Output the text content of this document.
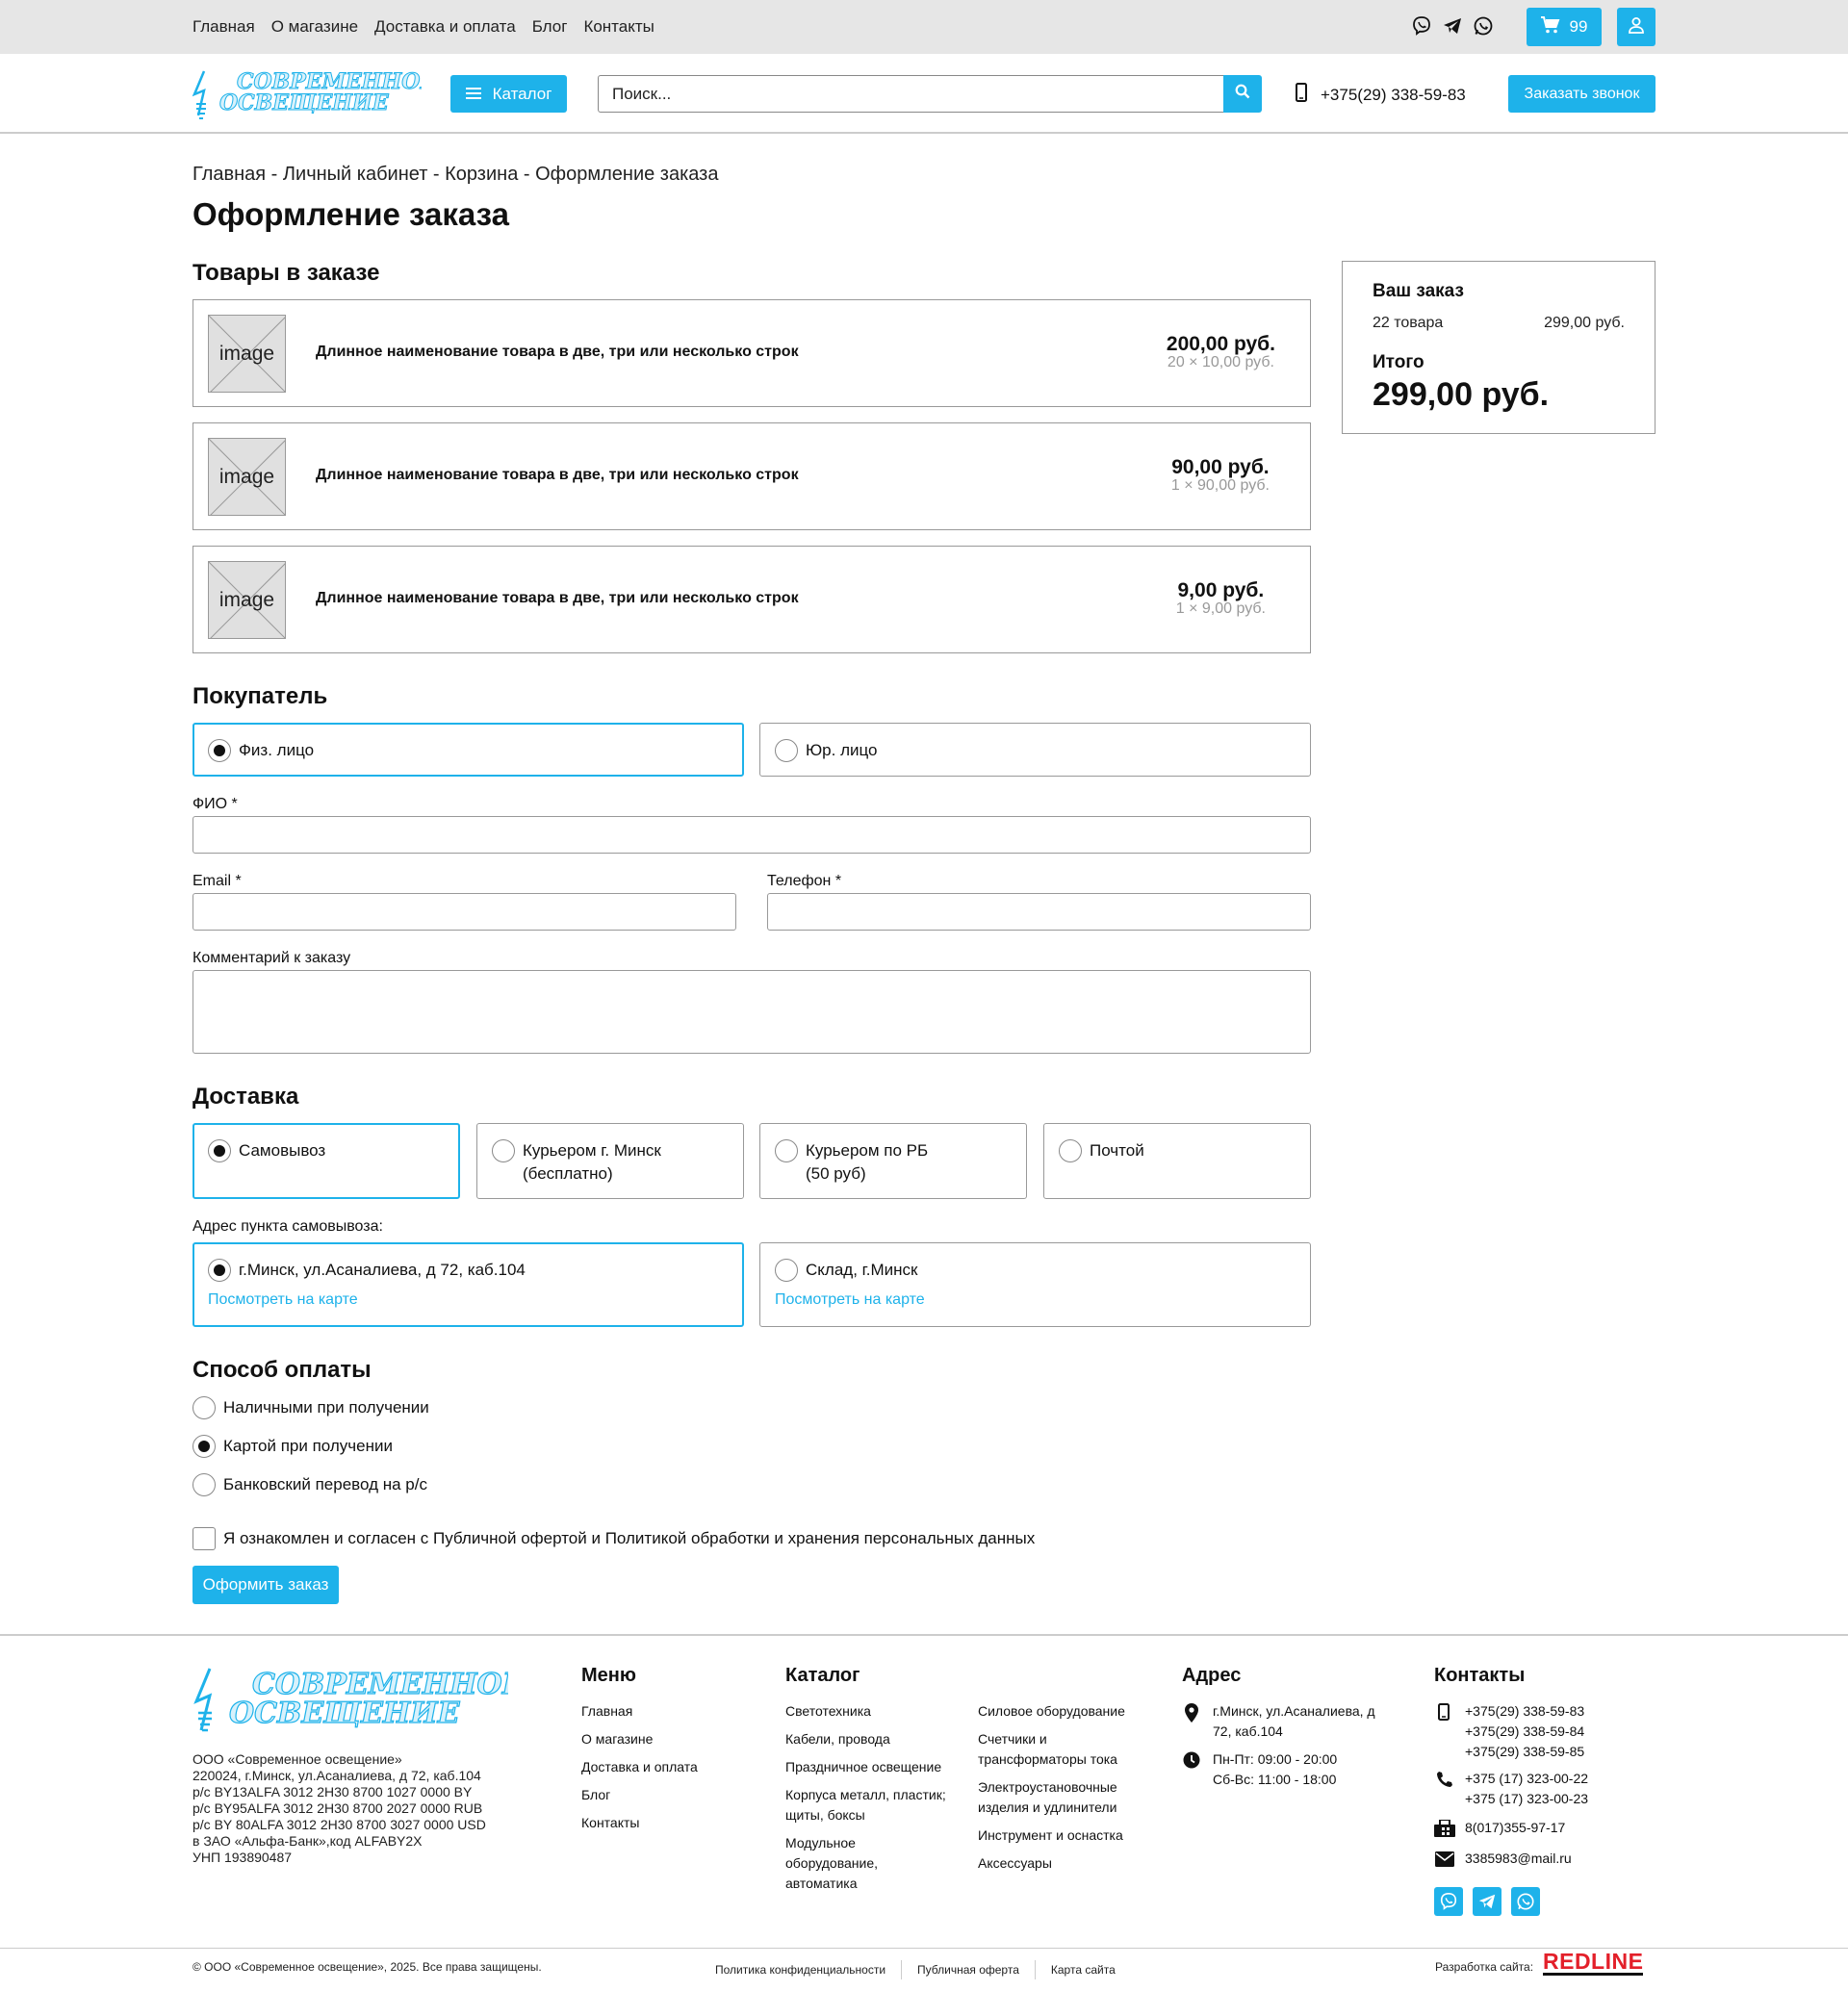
Главная О магазине Доставка и оплата Блог Контакты	99
СОВРЕМЕННОЕ
ОСВЕЩЕНИЕ	Каталог
Поиск...	+375(29) 338-59-83	Заказать звонок
Главная - Личный кабинет - Корзина - Оформление заказа
Оформление заказа
Товары в заказе
image	Длинное наименование товара в две, три или несколько строк	200,00 руб.
20 × 10,00 руб.
image	Длинное наименование товара в две, три или несколько строк	90,00 руб.
1 × 90,00 руб.
image	Длинное наименование товара в две, три или несколько строк	9,00 руб.
1 × 9,00 руб.
Ваш заказ
22 товара	299,00 руб.
Итого
299,00 руб.
Покупатель
Физ. лицо	Юр. лицо
ФИО *
Email *	Телефон *
Комментарий к заказу
Доставка
Самовывоз	Курьером г. Минск
(бесплатно)
Курьером по РБ
(50 руб)
Почтой
Адрес пункта самовывоза:
г.Минск, ул.Асаналиева, д 72, каб.104
Посмотреть на карте
Склад, г.Минск
Посмотреть на карте
Способ оплаты
Наличными при получении
Картой при получении
Банковский перевод на р/с
Я ознакомлен и согласен с Публичной офертой и Политикой обработки и хранения персональных данных
Оформить заказ
СОВРЕМЕННОЕ
ОСВЕЩЕНИЕ
ООО «Современное освещение»
220024, г.Минск, ул.Асаналиева, д 72, каб.104
р/с BY13ALFA 3012 2Н30 8700 1027 0000 BY
р/с BY95ALFA 3012 2Н30 8700 2027 0000 RUB
р/с BY 80ALFA 3012 2Н30 8700 3027 0000 USD
в ЗАО «Альфа-Банк»,код ALFABY2X
УНП 193890487
Меню
Главная
О магазине
Доставка и оплата
Блог
Контакты
Каталог
Светотехника
Кабели, провода
Праздничное освещение
Корпуса металл, пластик; щиты, боксы
Модульное оборудование, автоматика
Силовое оборудование
Счетчики и трансформаторы тока
Электроустановочные изделия и удлинители
Инструмент и оснастка
Аксессуары
Адрес
г.Минск, ул.Асаналиева, д 72, каб.104
Пн-Пт: 09:00 - 20:00
Сб-Вс: 11:00 - 18:00
Контакты
+375(29) 338-59-83
+375(29) 338-59-84
+375(29) 338-59-85
+375 (17) 323-00-22
+375 (17) 323-00-23
8(017)355-97-17
3385983@mail.ru
© ООО «Современное освещение», 2025. Все права защищены.	Политика конфиденциальности	Публичная оферта	Карта сайта	Разработка сайта: REDLINE
